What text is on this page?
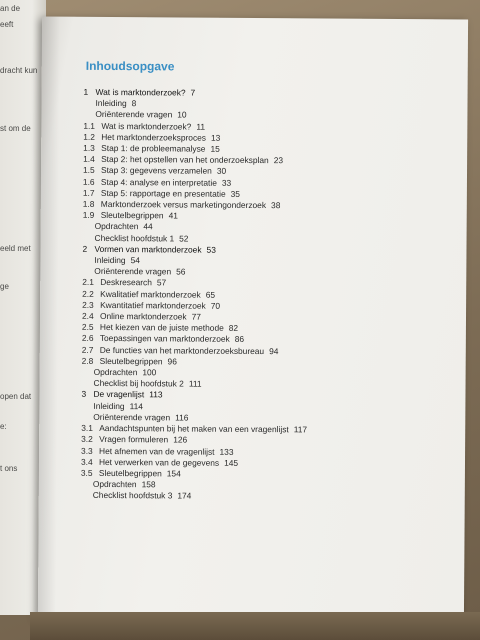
an de
eeft
dracht kun
st om de
eeld met
ge
open dat
e:
t ons
Inhoudsopgave
1 Wat is marktonderzoek? 7
Inleiding 8
Oriënterende vragen 10
1.1 Wat is marktonderzoek? 11
1.2 Het marktonderzoeksproces 13
1.3 Stap 1: de probleemanalyse 15
1.4 Stap 2: het opstellen van het onderzoeksplan 23
1.5 Stap 3: gegevens verzamelen 30
1.6 Stap 4: analyse en interpretatie 33
1.7 Stap 5: rapportage en presentatie 35
1.8 Marktonderzoek versus marketingonderzoek 38
1.9 Sleutelbegrippen 41
Opdrachten 44
Checklist hoofdstuk 1 52
2 Vormen van marktonderzoek 53
Inleiding 54
Oriënterende vragen 56
2.1 Deskresearch 57
2.2 Kwalitatief marktonderzoek 65
2.3 Kwantitatief marktonderzoek 70
2.4 Online marktonderzoek 77
2.5 Het kiezen van de juiste methode 82
2.6 Toepassingen van marktonderzoek 86
2.7 De functies van het marktonderzoeksbureau 94
2.8 Sleutelbegrippen 96
Opdrachten 100
Checklist bij hoofdstuk 2 111
3 De vragenlijst 113
Inleiding 114
Oriënterende vragen 116
3.1 Aandachtspunten bij het maken van een vragenlijst 117
3.2 Vragen formuleren 126
3.3 Het afnemen van de vragenlijst 133
3.4 Het verwerken van de gegevens 145
3.5 Sleutelbegrippen 154
Opdrachten 158
Checklist hoofdstuk 3 174
